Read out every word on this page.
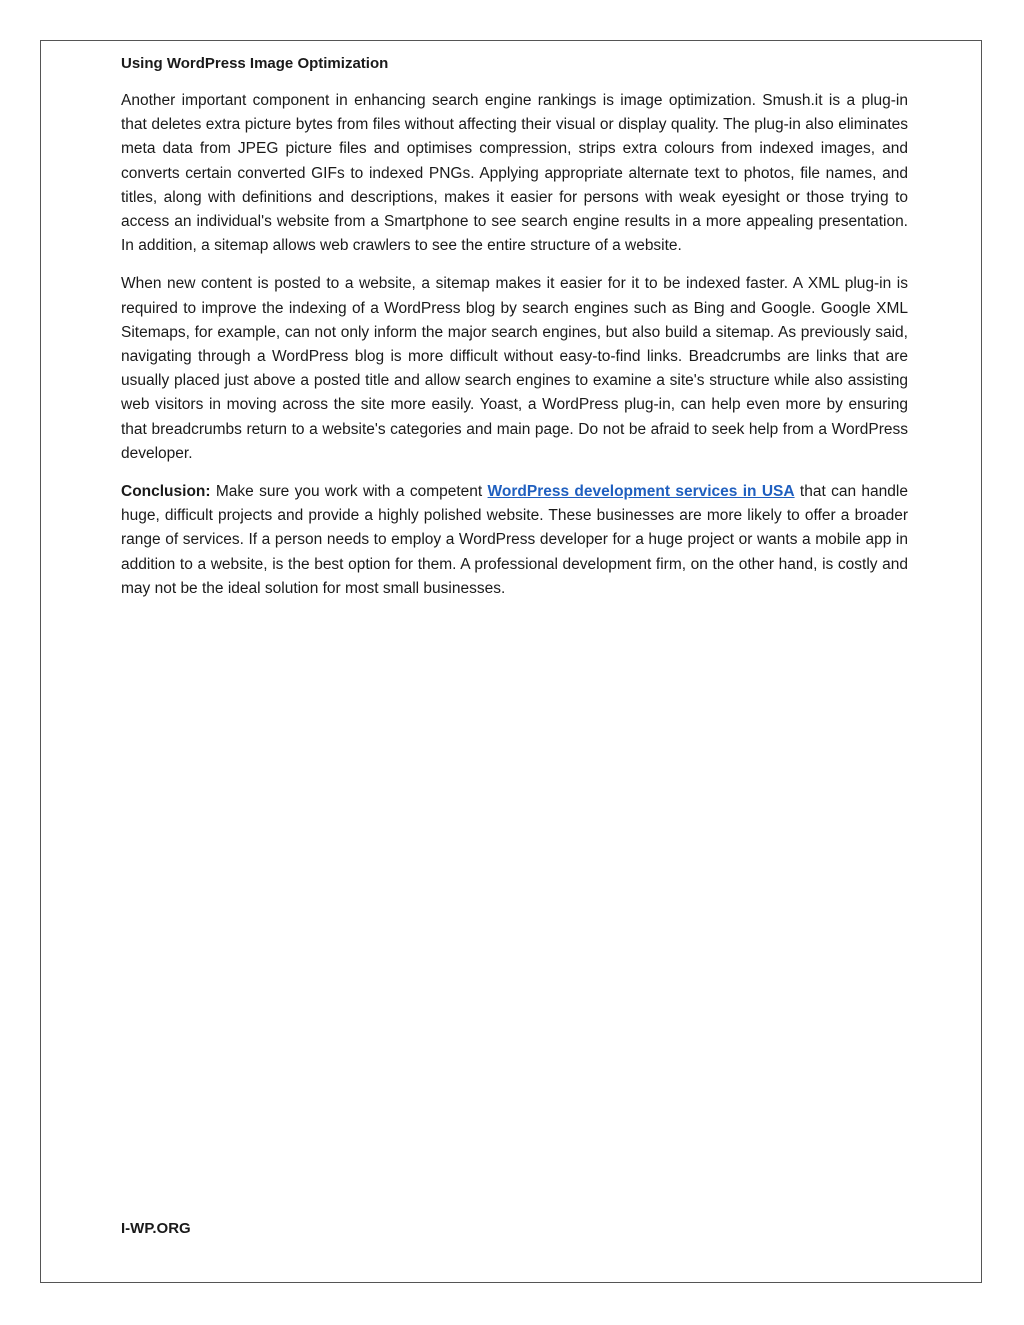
Using WordPress Image Optimization

Another important component in enhancing search engine rankings is image optimization. Smush.it is a plug-in that deletes extra picture bytes from files without affecting their visual or display quality. The plug-in also eliminates meta data from JPEG picture files and optimises compression, strips extra colours from indexed images, and converts certain converted GIFs to indexed PNGs. Applying appropriate alternate text to photos, file names, and titles, along with definitions and descriptions, makes it easier for persons with weak eyesight or those trying to access an individual's website from a Smartphone to see search engine results in a more appealing presentation. In addition, a sitemap allows web crawlers to see the entire structure of a website.

When new content is posted to a website, a sitemap makes it easier for it to be indexed faster. A XML plug-in is required to improve the indexing of a WordPress blog by search engines such as Bing and Google. Google XML Sitemaps, for example, can not only inform the major search engines, but also build a sitemap. As previously said, navigating through a WordPress blog is more difficult without easy-to-find links. Breadcrumbs are links that are usually placed just above a posted title and allow search engines to examine a site's structure while also assisting web visitors in moving across the site more easily. Yoast, a WordPress plug-in, can help even more by ensuring that breadcrumbs return to a website's categories and main page. Do not be afraid to seek help from a WordPress developer.

Conclusion: Make sure you work with a competent WordPress development services in USA that can handle huge, difficult projects and provide a highly polished website. These businesses are more likely to offer a broader range of services. If a person needs to employ a WordPress developer for a huge project or wants a mobile app in addition to a website, is the best option for them. A professional development firm, on the other hand, is costly and may not be the ideal solution for most small businesses.

I-WP.ORG
